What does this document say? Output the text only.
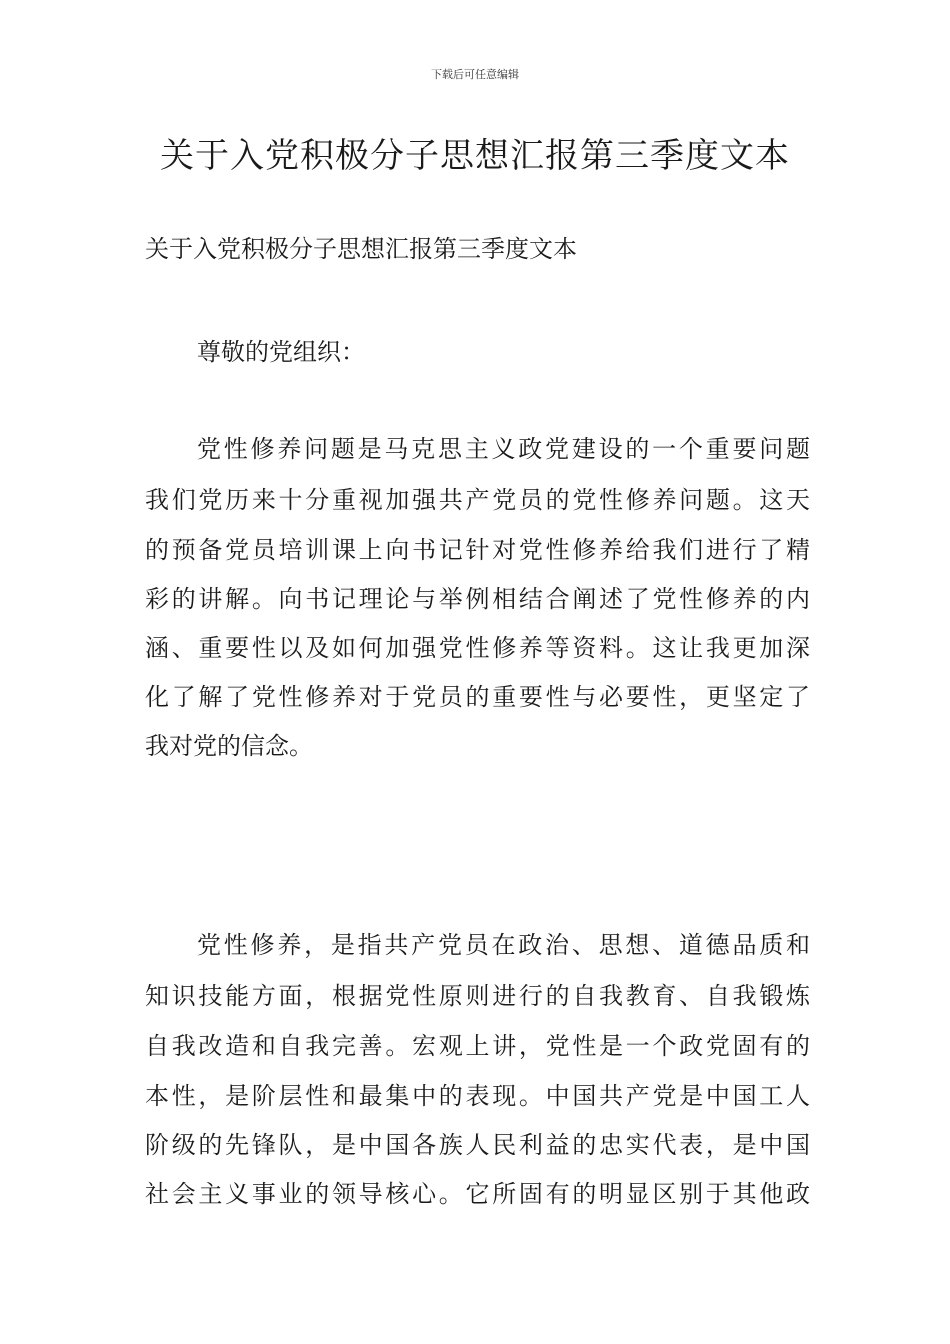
下载后可任意编辑
关于入党积极分子思想汇报第三季度文本
关于入党积极分子思想汇报第三季度文本
尊敬的党组织：
党性修养问题是马克思主义政党建设的一个重要问题
我们党历来十分重视加强共产党员的党性修养问题。这天
的预备党员培训课上向书记针对党性修养给我们进行了精
彩的讲解。向书记理论与举例相结合阐述了党性修养的内
涵、重要性以及如何加强党性修养等资料。这让我更加深
化了解了党性修养对于党员的重要性与必要性，更坚定了
我对党的信念。
党性修养，是指共产党员在政治、思想、道德品质和
知识技能方面，根据党性原则进行的自我教育、自我锻炼
自我改造和自我完善。宏观上讲，党性是一个政党固有的
本性，是阶层性和最集中的表现。中国共产党是中国工人
阶级的先锋队，是中国各族人民利益的忠实代表，是中国
社会主义事业的领导核心。它所固有的明显区别于其他政
